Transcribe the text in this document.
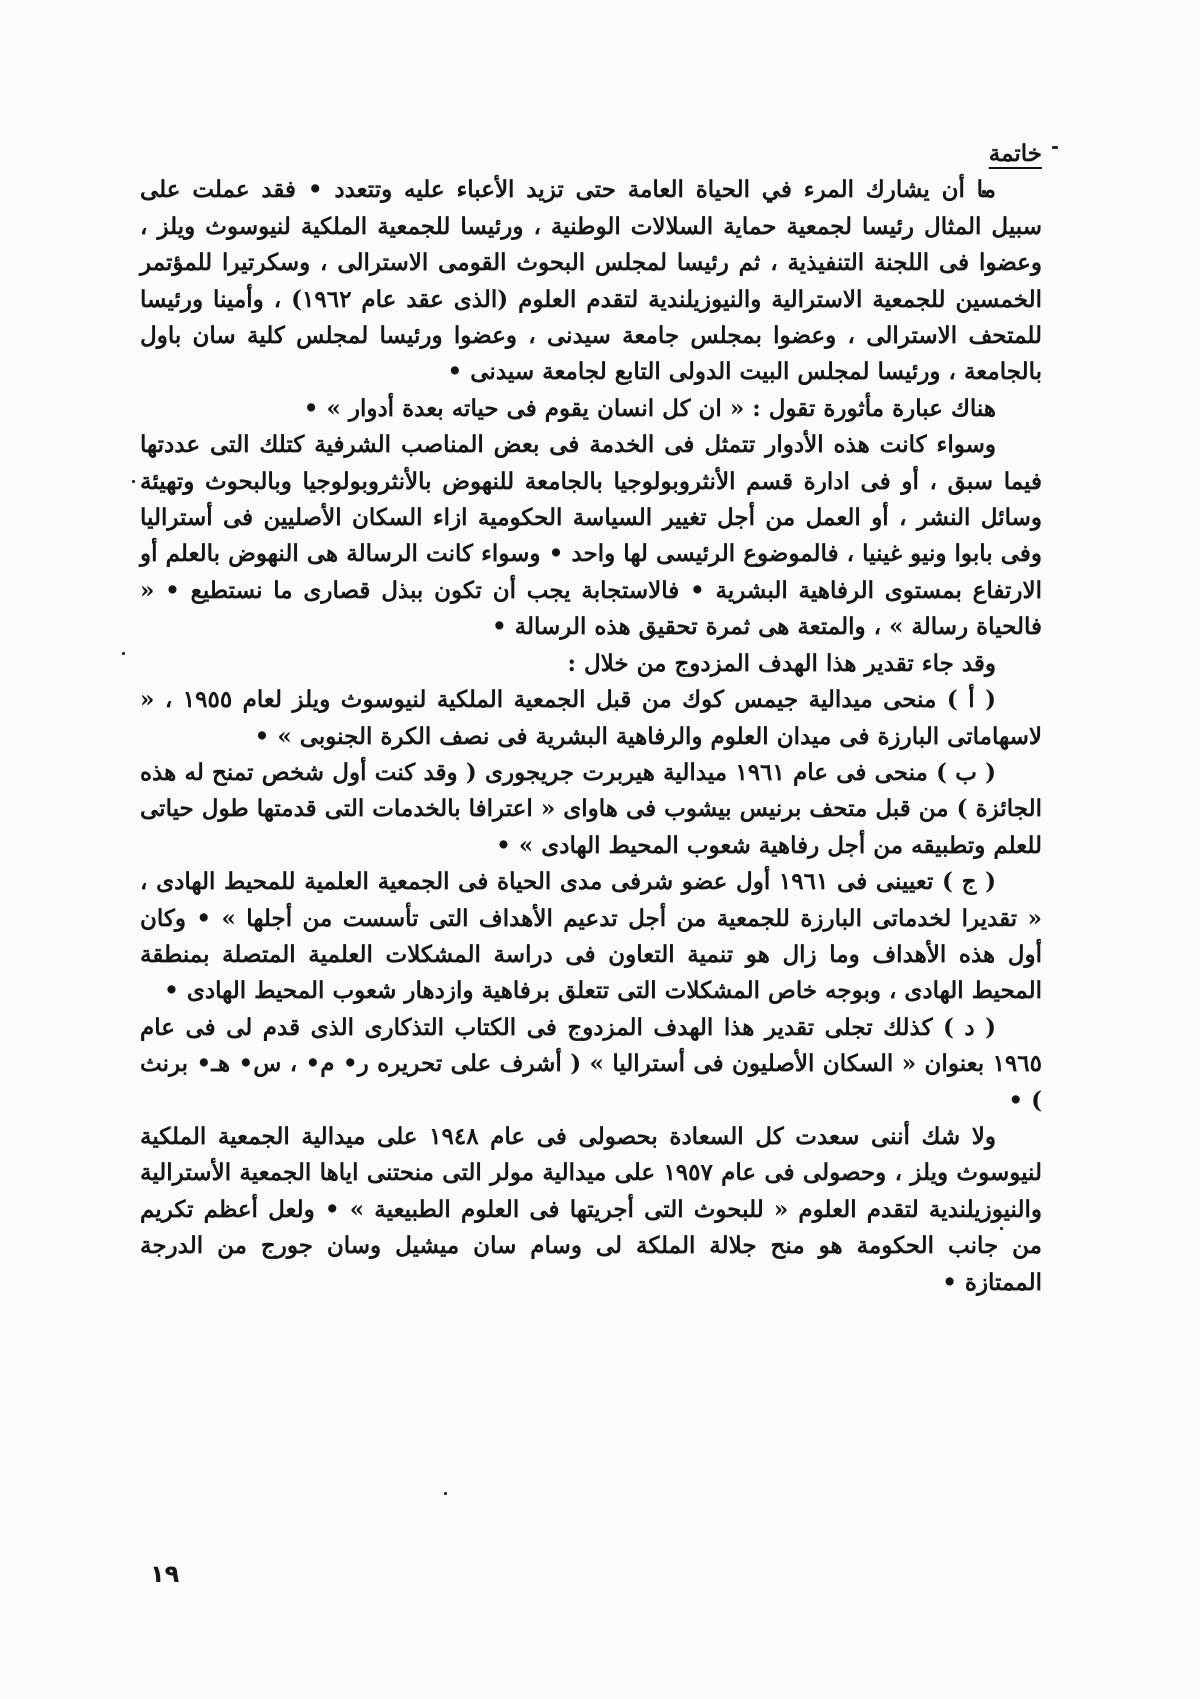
خاتمة

ما أن يشارك المرء في الحياة العامة حتى تزيد الأعباء عليه وتتعدد • فقد عملت على سبيل المثال رئيسا لجمعية حماية السلالات الوطنية ، ورئيسا للجمعية الملكية لنيوسوث ويلز ، وعضوا فى اللجنة التنفيذية ، ثم رئيسا لمجلس البحوث القومى الاسترالى ، وسكرتيرا للمؤتمر الخمسين للجمعية الاسترالية والنيوزيلندية لتقدم العلوم (الذى عقد عام ١٩٦٢) ، وأمينا ورئيسا للمتحف الاسترالى ، وعضوا بمجلس جامعة سيدنى ، وعضوا ورئيسا لمجلس كلية سان باول بالجامعة ، ورئيسا لمجلس البيت الدولى التابع لجامعة سيدنى •

هناك عبارة مأثورة تقول : « ان كل انسان يقوم فى حياته بعدة أدوار » •

وسواء كانت هذه الأدوار تتمثل فى الخدمة فى بعض المناصب الشرفية كتلك التى عددتها فيما سبق ، أو فى ادارة قسم الأنثروبولوجيا بالجامعة للنهوض بالأنثروبولوجيا وبالبحوث وتهيئة وسائل النشر ، أو العمل من أجل تغيير السياسة الحكومية ازاء السكان الأصليين فى أستراليا وفى بابوا ونيو غينيا ، فالموضوع الرئيسى لها واحد • وسواء كانت الرسالة هى النهوض بالعلم أو الارتفاع بمستوى الرفاهية البشرية • فالاستجابة يجب أن تكون ببذل قصارى ما نستطيع • « فالحياة رسالة » ، والمتعة هى ثمرة تحقيق هذه الرسالة •

وقد جاء تقدير هذا الهدف المزدوج من خلال :

( أ ) منحى ميدالية جيمس كوك من قبل الجمعية الملكية لنيوسوث ويلز لعام ١٩٥٥ ، « لاسهاماتى البارزة فى ميدان العلوم والرفاهية البشرية فى نصف الكرة الجنوبى » •

( ب ) منحى فى عام ١٩٦١ ميدالية هيربرت جريجورى ( وقد كنت أول شخص تمنح له هذه الجائزة ) من قبل متحف برنيس بيشوب فى هاواى « اعترافا بالخدمات التى قدمتها طول حياتى للعلم وتطبيقه من أجل رفاهية شعوب المحيط الهادى » •

( ج ) تعيينى فى ١٩٦١ أول عضو شرفى مدى الحياة فى الجمعية العلمية للمحيط الهادى ، « تقديرا لخدماتى البارزة للجمعية من أجل تدعيم الأهداف التى تأسست من أجلها » • وكان أول هذه الأهداف وما زال هو تنمية التعاون فى دراسة المشكلات العلمية المتصلة بمنطقة المحيط الهادى ، وبوجه خاص المشكلات التى تتعلق برفاهية وازدهار شعوب المحيط الهادى •

( د ) كذلك تجلى تقدير هذا الهدف المزدوج فى الكتاب التذكارى الذى قدم لى فى عام ١٩٦٥ بعنوان « السكان الأصليون فى أستراليا » ( أشرف على تحريره ر• م• ، س• هـ• برنث ) •

ولا شك أننى سعدت كل السعادة بحصولى فى عام ١٩٤٨ على ميدالية الجمعية الملكية لنيوسوث ويلز ، وحصولى فى عام ١٩٥٧ على ميدالية مولر التى منحتنى اياها الجمعية الأسترالية والنيوزيلندية لتقدم العلوم « للبحوث التى أجريتها فى العلوم الطبيعية » • ولعل أعظم تكريم من جانب الحكومة هو منح جلالة الملكة لى وسام سان ميشيل وسان جورج من الدرجة الممتازة •

١٩
